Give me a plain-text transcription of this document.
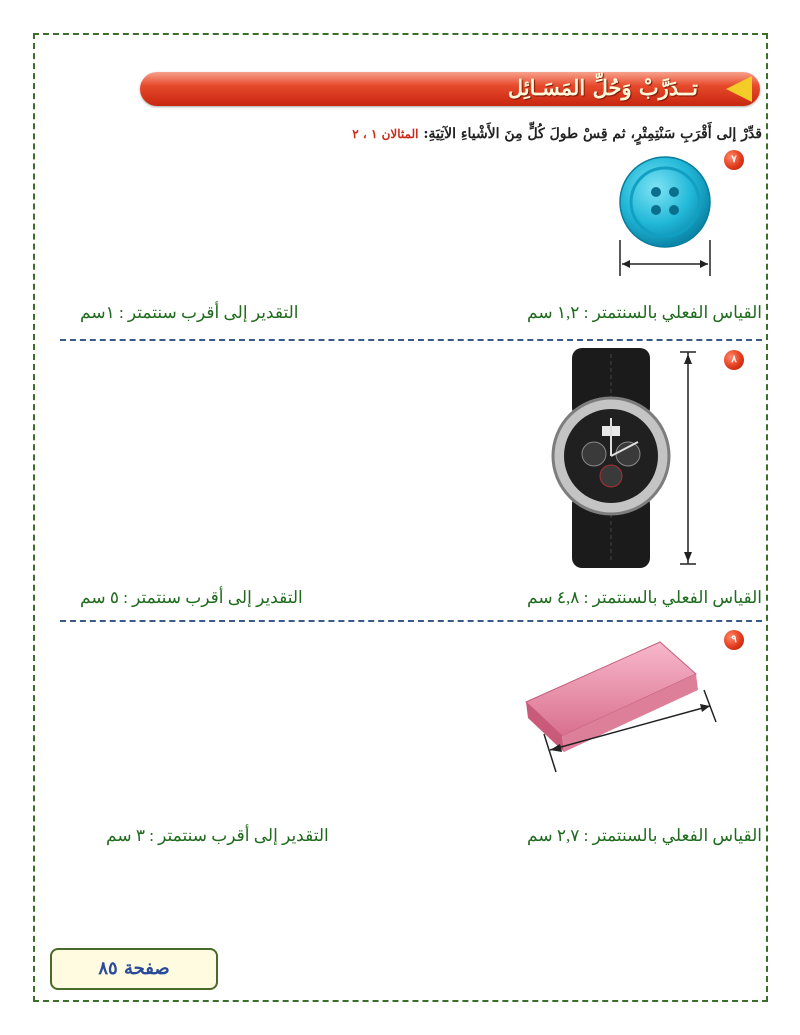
تــدَرَّبْ وَحُلِّ المَسَـائِل
قدِّرْ إلى أَقْرَبِ سَنْتِمِتْرٍ، ثم قِسْ طولَ كُلٍّ مِنَ الأَشْياءِ الآتِيَةِ: المثالان ١ ، ٢
٧
القياس الفعلي بالسنتمتر : ١,٢ سم
التقدير إلى أقرب سنتمتر : ١سم
٨
القياس الفعلي بالسنتمتر : ٤,٨ سم
التقدير إلى أقرب سنتمتر : ٥ سم
٩
القياس الفعلي بالسنتمتر : ٢,٧ سم
التقدير إلى أقرب سنتمتر : ٣ سم
صفحة ٨٥
